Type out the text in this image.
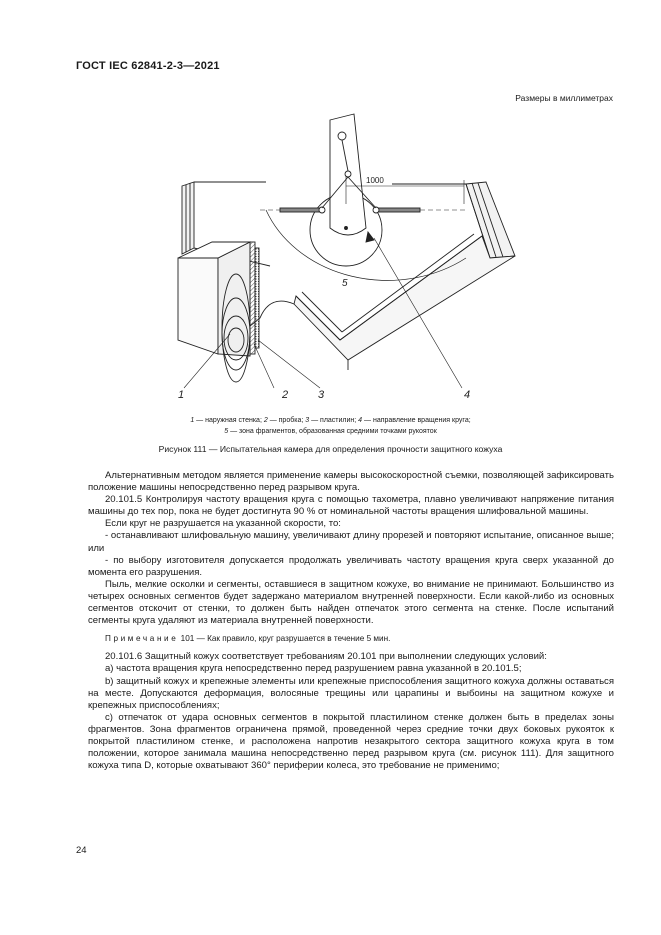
ГОСТ IEC 62841-2-3—2021
Размеры в миллиметрах
1000
5
1	2	3	4
1 — наружная стенка; 2 — пробка; 3 — пластилин; 4 — направление вращения круга;
5 — зона фрагментов, образованная средними точками рукояток
Рисунок 111 — Испытательная камера для определения прочности защитного кожуха

Альтернативным методом является применение камеры высокоскоростной съемки, позволяющей зафиксировать положение машины непосредственно перед разрывом круга.

20.101.5 Контролируя частоту вращения круга с помощью тахометра, плавно увеличивают напряжение питания машины до тех пор, пока не будет достигнута 90 % от номинальной частоты вращения шлифовальной машины.

Если круг не разрушается на указанной скорости, то:

- останавливают шлифовальную машину, увеличивают длину прорезей и повторяют испытание, описанное выше; или

- по выбору изготовителя допускается продолжать увеличивать частоту вращения круга сверх указанной до момента его разрушения.

Пыль, мелкие осколки и сегменты, оставшиеся в защитном кожухе, во внимание не принимают. Большинство из четырех основных сегментов будет задержано материалом внутренней поверхности. Если какой-либо из основных сегментов отскочит от стенки, то должен быть найден отпечаток этого сегмента на стенке. После испытаний сегменты круга удаляют из материала внутренней поверхности.

Примечание 101 — Как правило, круг разрушается в течение 5 мин.

20.101.6 Защитный кожух соответствует требованиям 20.101 при выполнении следующих условий:

a) частота вращения круга непосредственно перед разрушением равна указанной в 20.101.5;

b) защитный кожух и крепежные элементы или крепежные приспособления защитного кожуха должны оставаться на месте. Допускаются деформация, волосяные трещины или царапины и выбоины на защитном кожухе и крепежных приспособлениях;

c) отпечаток от удара основных сегментов в покрытой пластилином стенке должен быть в пределах зоны фрагментов. Зона фрагментов ограничена прямой, проведенной через средние точки двух боковых рукояток к покрытой пластилином стенке, и расположена напротив незакрытого сектора защитного кожуха круга в том положении, которое занимала машина непосредственно перед разрывом круга (см. рисунок 111). Для защитного кожуха типа D, которые охватывают 360° периферии колеса, это требование не применимо;

24
